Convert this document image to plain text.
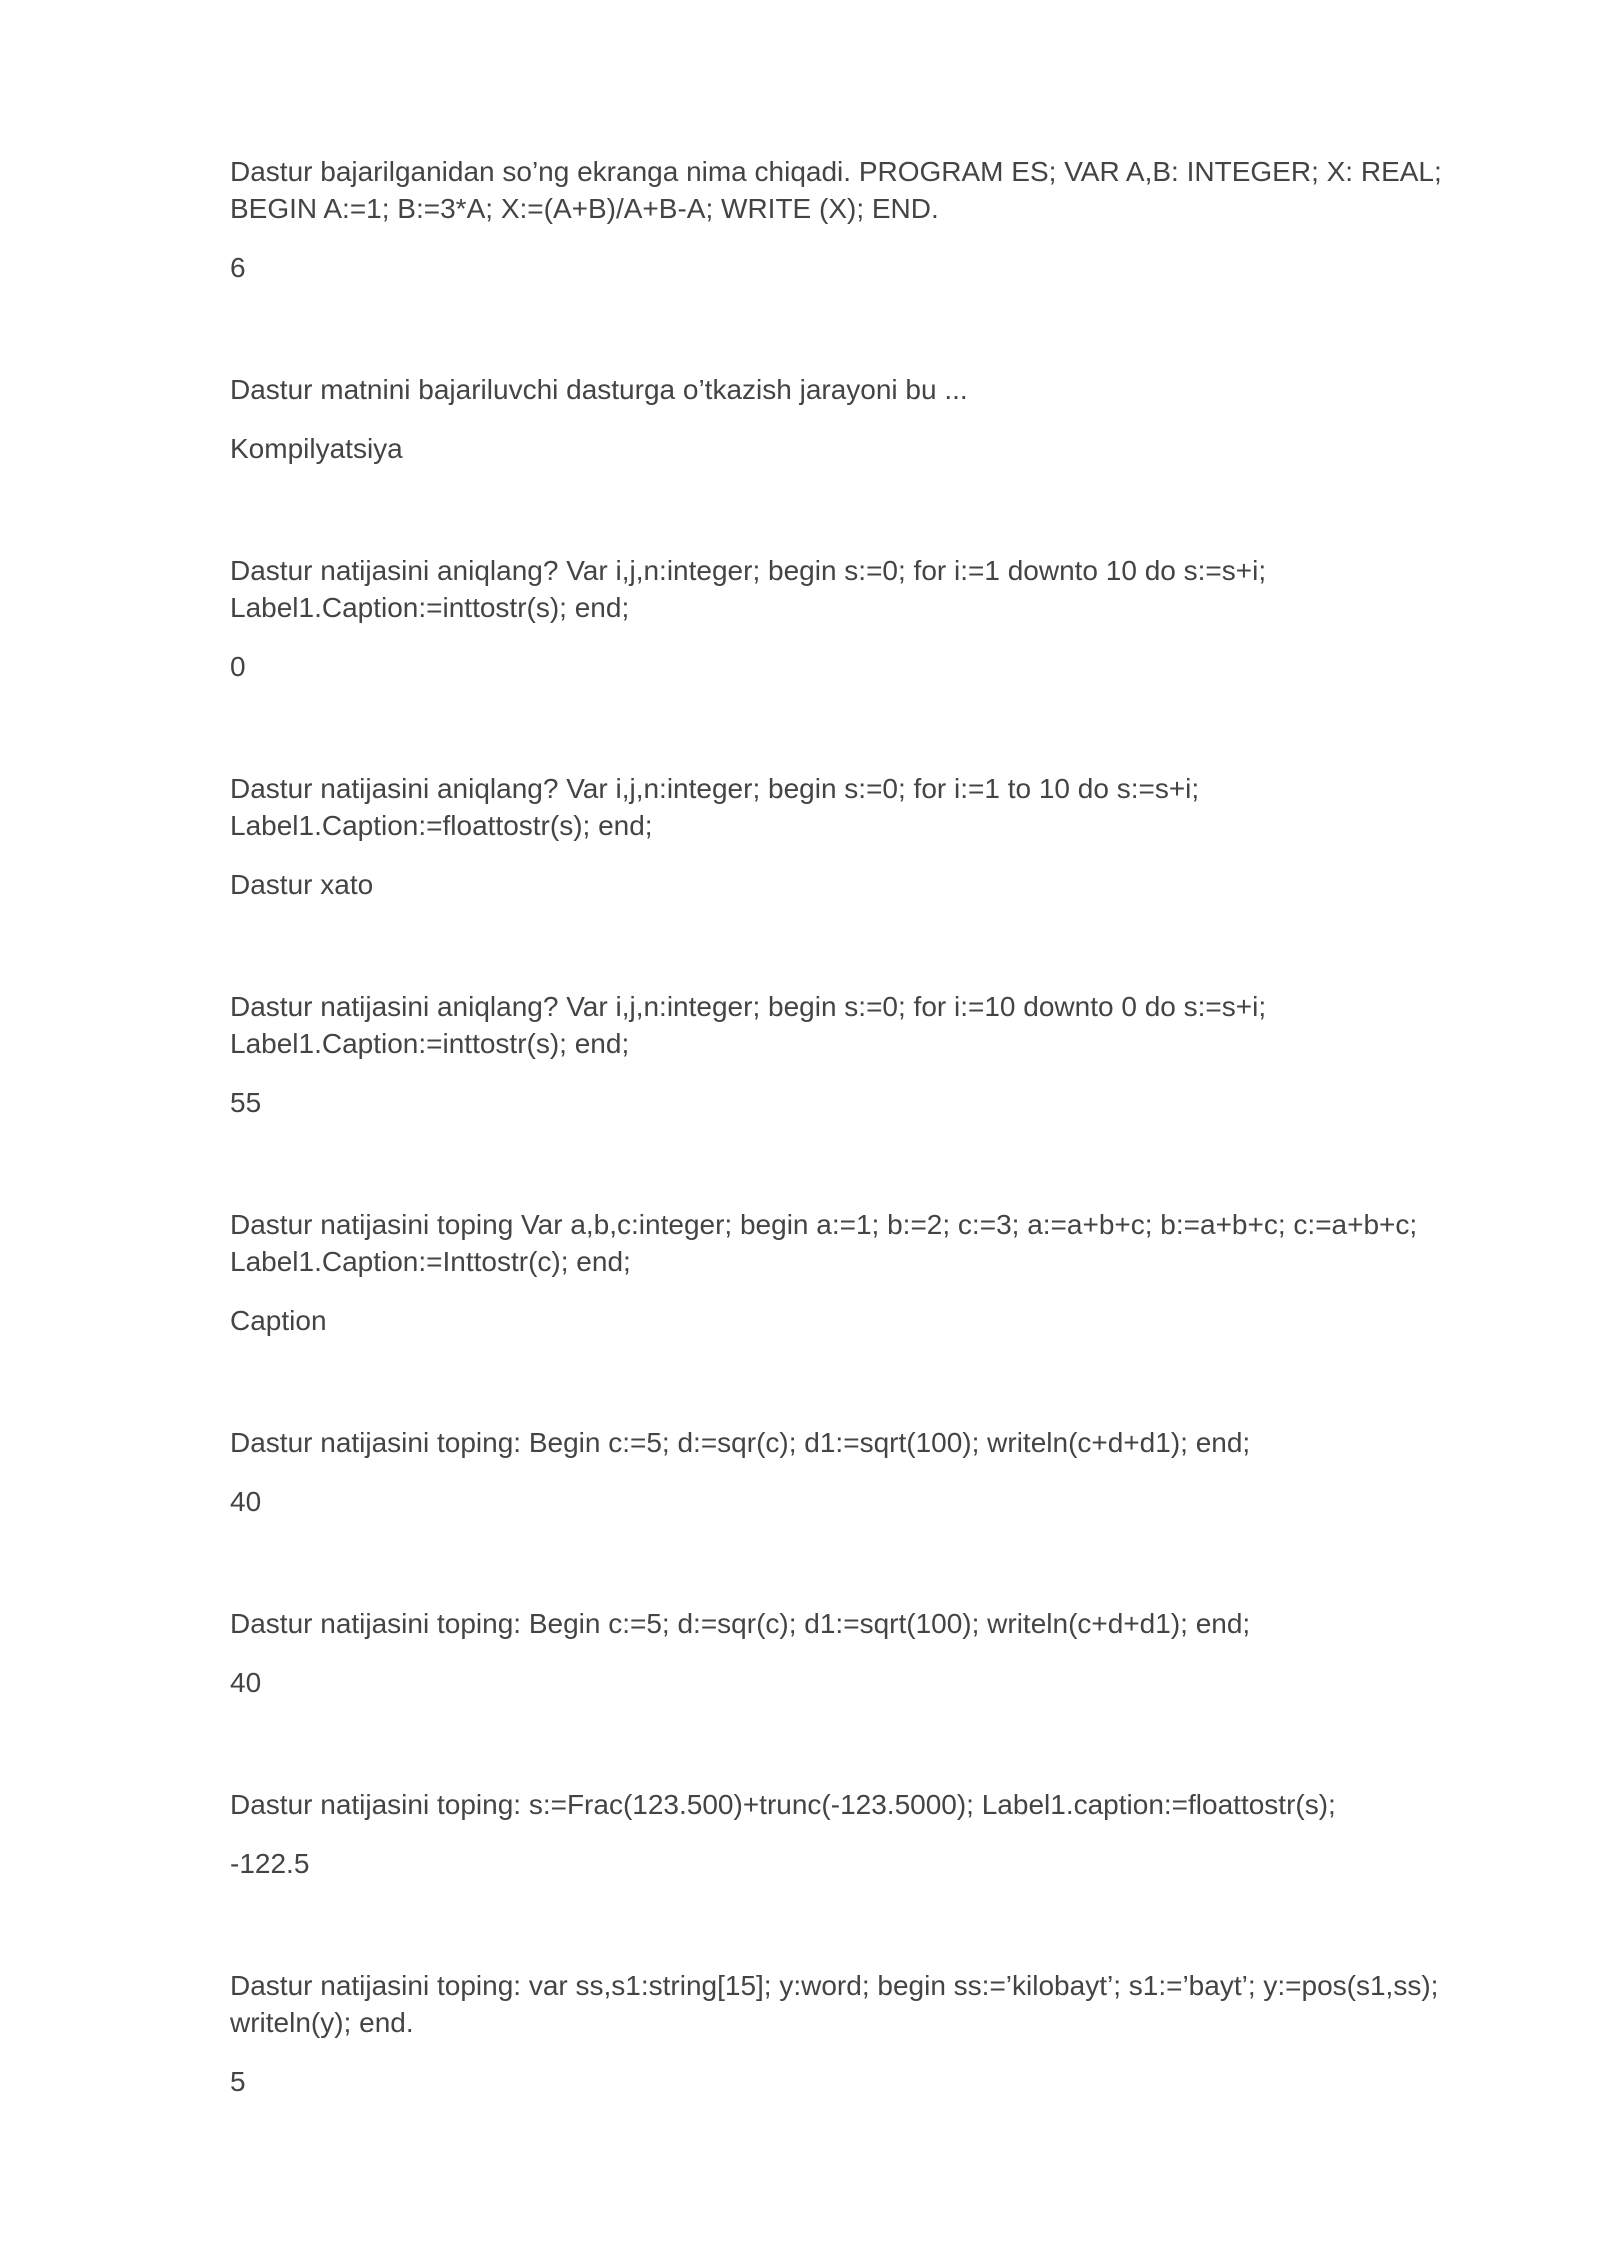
Dastur bajarilganidan so’ng ekranga nima chiqadi. PROGRAM ES; VAR A,B: INTEGER; X: REAL; BEGIN A:=1; B:=3*A; X:=(A+B)/A+B-A; WRITE (X); END.

6

Dastur matnini bajariluvchi dasturga o’tkazish jarayoni bu ...

Kompilyatsiya

Dastur natijasini aniqlang? Var i,j,n:integer; begin s:=0; for i:=1 downto 10 do s:=s+i; Label1.Caption:=inttostr(s); end;

0

Dastur natijasini aniqlang? Var i,j,n:integer; begin s:=0; for i:=1 to 10 do s:=s+i; Label1.Caption:=floattostr(s); end;

Dastur xato

Dastur natijasini aniqlang? Var i,j,n:integer; begin s:=0; for i:=10 downto 0 do s:=s+i; Label1.Caption:=inttostr(s); end;

55

Dastur natijasini toping Var a,b,c:integer; begin a:=1; b:=2; c:=3; a:=a+b+c; b:=a+b+c; c:=a+b+c; Label1.Caption:=Inttostr(c); end;

Caption

Dastur natijasini toping: Begin c:=5; d:=sqr(c); d1:=sqrt(100); writeln(c+d+d1); end;

40

Dastur natijasini toping: Begin c:=5; d:=sqr(c); d1:=sqrt(100); writeln(c+d+d1); end;

40

Dastur natijasini toping: s:=Frac(123.500)+trunc(-123.5000); Label1.caption:=floattostr(s);

-122.5

Dastur natijasini toping: var ss,s1:string[15]; y:word; begin ss:=’kilobayt’; s1:=’bayt’; y:=pos(s1,ss); writeln(y); end.

5
